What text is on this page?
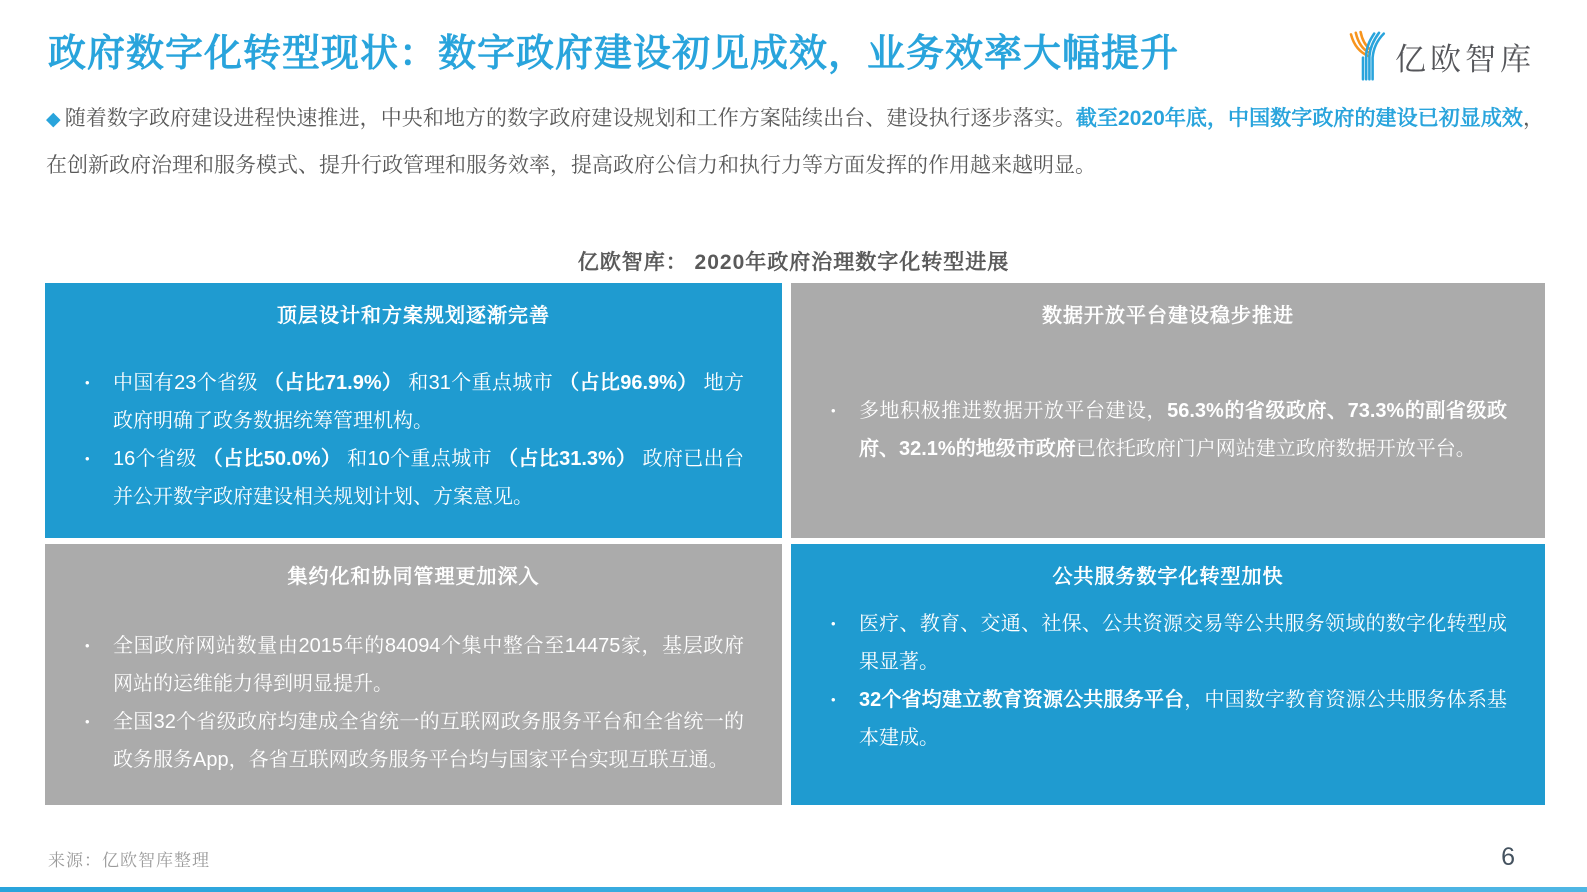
政府数字化转型现状：数字政府建设初见成效，业务效率大幅提升	亿欧智库

◆ 随着数字政府建设进程快速推进，中央和地方的数字政府建设规划和工作方案陆续出台、建设执行逐步落实。截至2020年底，中国数字政府的建设已初显成效，在创新政府治理和服务模式、提升行政管理和服务效率，提高政府公信力和执行力等方面发挥的作用越来越明显。

亿欧智库： 2020年政府治理数字化转型进展
顶层设计和方案规划逐渐完善
•	中国有23个省级 （占比71.9%） 和31个重点城市 （占比96.9%） 地方政府明确了政务数据统筹管理机构。
•	16个省级 （占比50.0%） 和10个重点城市 （占比31.3%） 政府已出台并公开数字政府建设相关规划计划、方案意见。
数据开放平台建设稳步推进
•	多地积极推进数据开放平台建设，56.3%的省级政府、73.3%的副省级政府、32.1%的地级市政府已依托政府门户网站建立政府数据开放平台。
集约化和协同管理更加深入
•	全国政府网站数量由2015年的84094个集中整合至14475家，基层政府网站的运维能力得到明显提升。
•	全国32个省级政府均建成全省统一的互联网政务服务平台和全省统一的政务服务App，各省互联网政务服务平台均与国家平台实现互联互通。
公共服务数字化转型加快
•	医疗、教育、交通、社保、公共资源交易等公共服务领域的数字化转型成果显著。
•	32个省均建立教育资源公共服务平台，中国数字教育资源公共服务体系基本建成。
来源：亿欧智库整理	6
